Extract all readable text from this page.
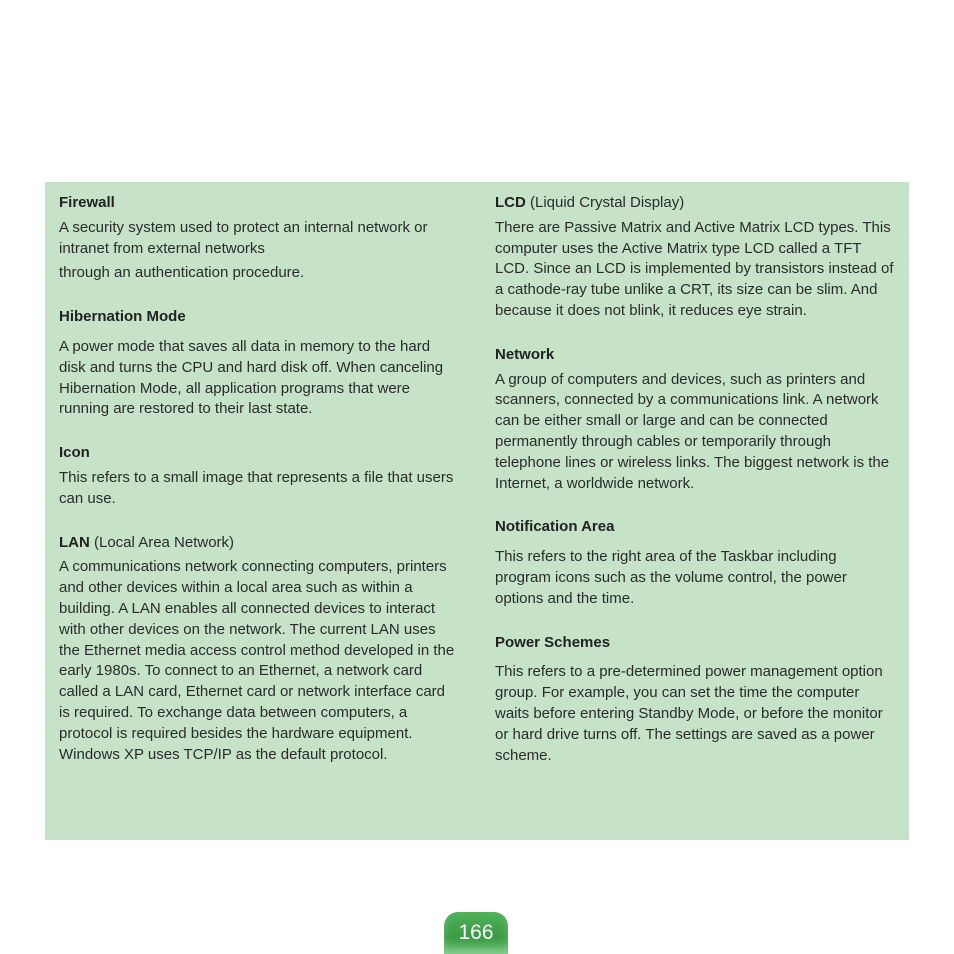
Firewall

A security system used to protect an internal network or intranet from external networks

through an authentication procedure.

Hibernation Mode

A power mode that saves all data in memory to the hard disk and turns the CPU and hard disk off. When canceling Hibernation Mode, all application programs that were running are restored to their last state.

Icon

This refers to a small image that represents a file that users can use.

LAN (Local Area Network)

A communications network connecting computers, printers and other devices within a local area such as within a building. A LAN enables all connected devices to interact with other devices on the network. The current LAN uses the Ethernet media access control method developed in the early 1980s. To connect to an Ethernet, a network card called a LAN card, Ethernet card or network interface card is required. To exchange data between computers, a protocol is required besides the hardware equipment. Windows XP uses TCP/IP as the default protocol.

LCD (Liquid Crystal Display)

There are Passive Matrix and Active Matrix LCD types. This computer uses the Active Matrix type LCD called a TFT LCD. Since an LCD is implemented by transistors instead of a cathode-ray tube unlike a CRT, its size can be slim. And because it does not blink, it reduces eye strain.

Network

A group of computers and devices, such as printers and scanners, connected by a communications link. A network can be either small or large and can be connected permanently through cables or temporarily through telephone lines or wireless links. The biggest network is the Internet, a worldwide network.

Notification Area

This refers to the right area of the Taskbar including program icons such as the volume control, the power options and the time.

Power Schemes

This refers to a pre-determined power management option group. For example, you can set the time the computer waits before entering Standby Mode, or before the monitor or hard drive turns off. The settings are saved as a power scheme.

166
